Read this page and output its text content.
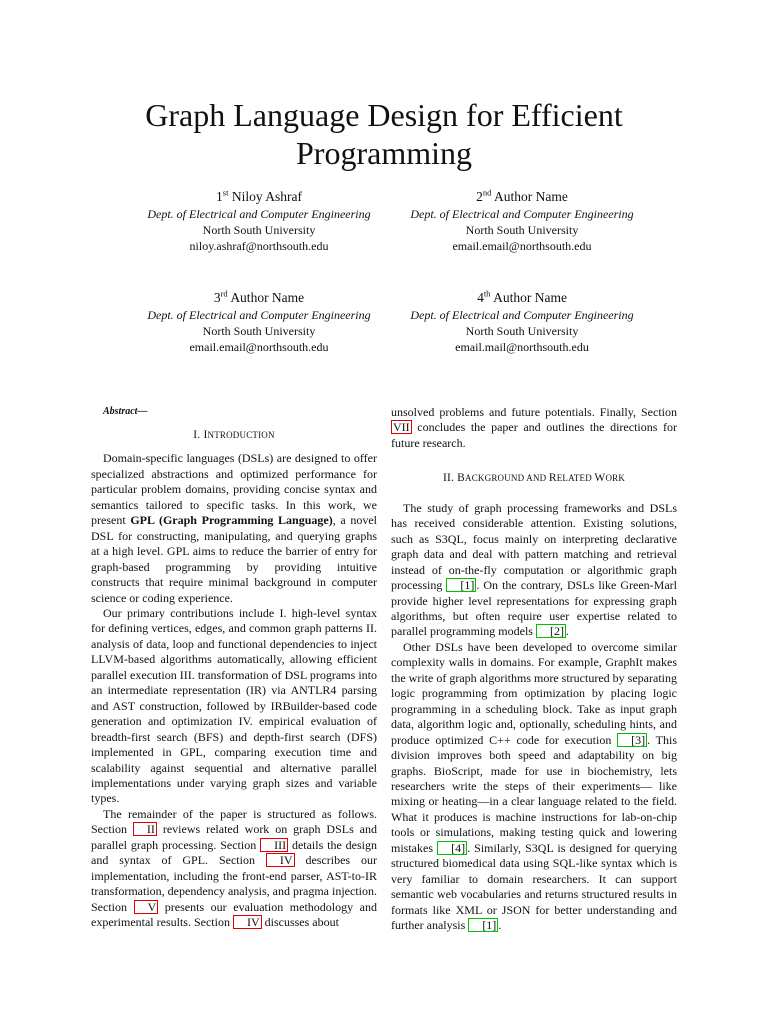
Graph Language Design for Efficient
Programming
1st Niloy Ashraf
Dept. of Electrical and Computer Engineering
North South University
niloy.ashraf@northsouth.edu
2nd Author Name
Dept. of Electrical and Computer Engineering
North South University
email.email@northsouth.edu
3rd Author Name
Dept. of Electrical and Computer Engineering
North South University
email.email@northsouth.edu
4th Author Name
Dept. of Electrical and Computer Engineering
North South University
email.mail@northsouth.edu
Abstract—
I. INTRODUCTION

Domain-specific languages (DSLs) are designed to offer specialized abstractions and optimized performance for particular problem domains, providing concise syntax and semantics tailored to specific tasks. In this work, we present GPL (Graph Programming Language), a novel DSL for constructing, manipulating, and querying graphs at a high level. GPL aims to reduce the barrier of entry for graph-based programming by providing intuitive constructs that require minimal background in computer science or coding experience.

Our primary contributions include I. high-level syntax for defining vertices, edges, and common graph patterns II. analysis of data, loop and functional dependencies to inject LLVM-based algorithms automatically, allowing efficient parallel execution III. transformation of DSL programs into an intermediate representation (IR) via ANTLR4 parsing and AST construction, followed by IRBuilder-based code generation and optimization IV. empirical evaluation of breadth-first search (BFS) and depth-first search (DFS) implemented in GPL, comparing execution time and scalability against sequential and alternative parallel implementations under varying graph sizes and variable types.

The remainder of the paper is structured as follows. Section II reviews related work on graph DSLs and parallel graph processing. Section III details the design and syntax of GPL. Section IV describes our implementation, including the front-end parser, AST-to-IR transformation, dependency analysis, and pragma injection. Section V presents our evaluation methodology and experimental results. Section IV discusses about

unsolved problems and future potentials. Finally, Section VII concludes the paper and outlines the directions for future research.

II. BACKGROUND AND RELATED WORK

The study of graph processing frameworks and DSLs has received considerable attention. Existing solutions, such as S3QL, focus mainly on interpreting declarative graph data and deal with pattern matching and retrieval instead of on-the-fly computation or algorithmic graph processing [1] . On the contrary, DSLs like Green-Marl provide higher level representations for expressing graph algorithms, but often require user expertise related to parallel programming models [2] .

Other DSLs have been developed to overcome similar complexity walls in domains. For example, GraphIt makes the write of graph algorithms more structured by separating logic programming from optimization by placing logic programming in a scheduling block. Take as input graph data, algorithm logic and, optionally, scheduling hints, and produce optimized C++ code for execution [3] . This division improves both speed and adaptability on big graphs. BioScript, made for use in biochemistry, lets researchers write the steps of their experiments— like mixing or heating—in a clear language related to the field. What it produces is machine instructions for lab-on-chip tools or simulations, making testing quick and lowering mistakes [4] . Similarly, S3QL is designed for querying structured biomedical data using SQL-like syntax which is very familiar to domain researchers. It can support semantic web vocabularies and returns structured results in formats like XML or JSON for better understanding and further analysis [1] .
